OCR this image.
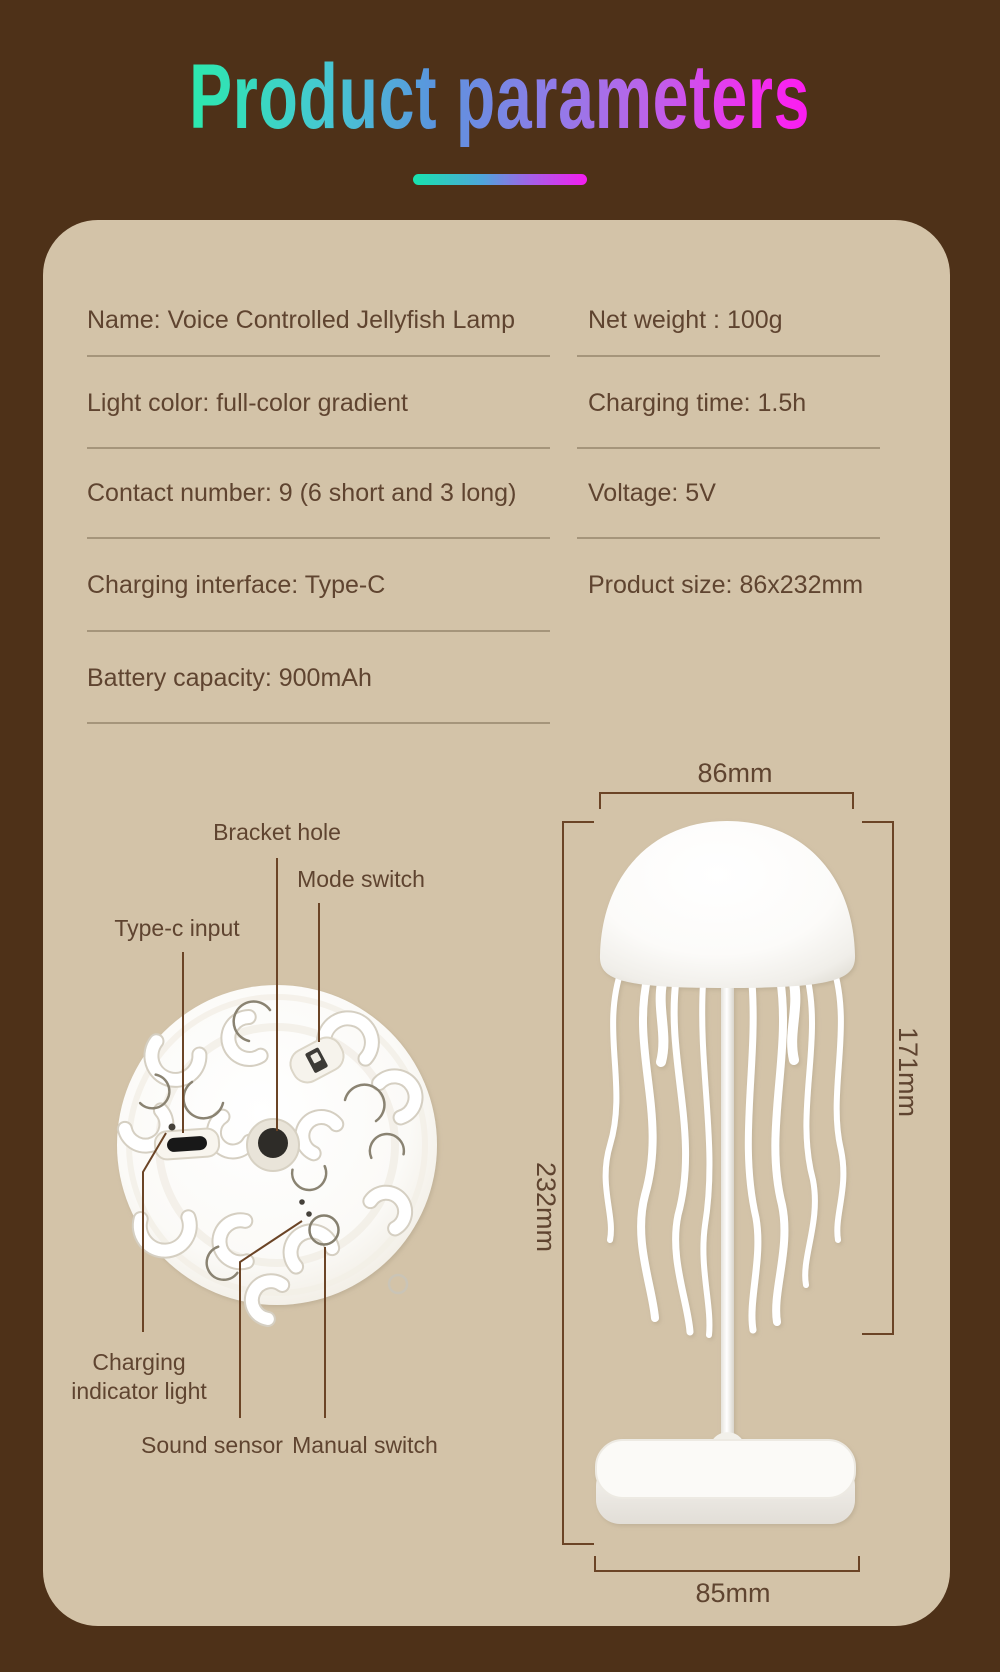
Product parameters
Name: Voice Controlled Jellyfish Lamp
Light color: full-color gradient
Contact number: 9 (6 short and 3 long)
Charging interface: Type-C
Battery capacity: 900mAh
Net weight : 100g
Charging time: 1.5h
Voltage: 5V
Product size: 86x232mm
Bracket hole
Mode switch
Type-c input
Charging indicator light
Sound sensor Manual switch
86mm
232mm
171mm
85mm
